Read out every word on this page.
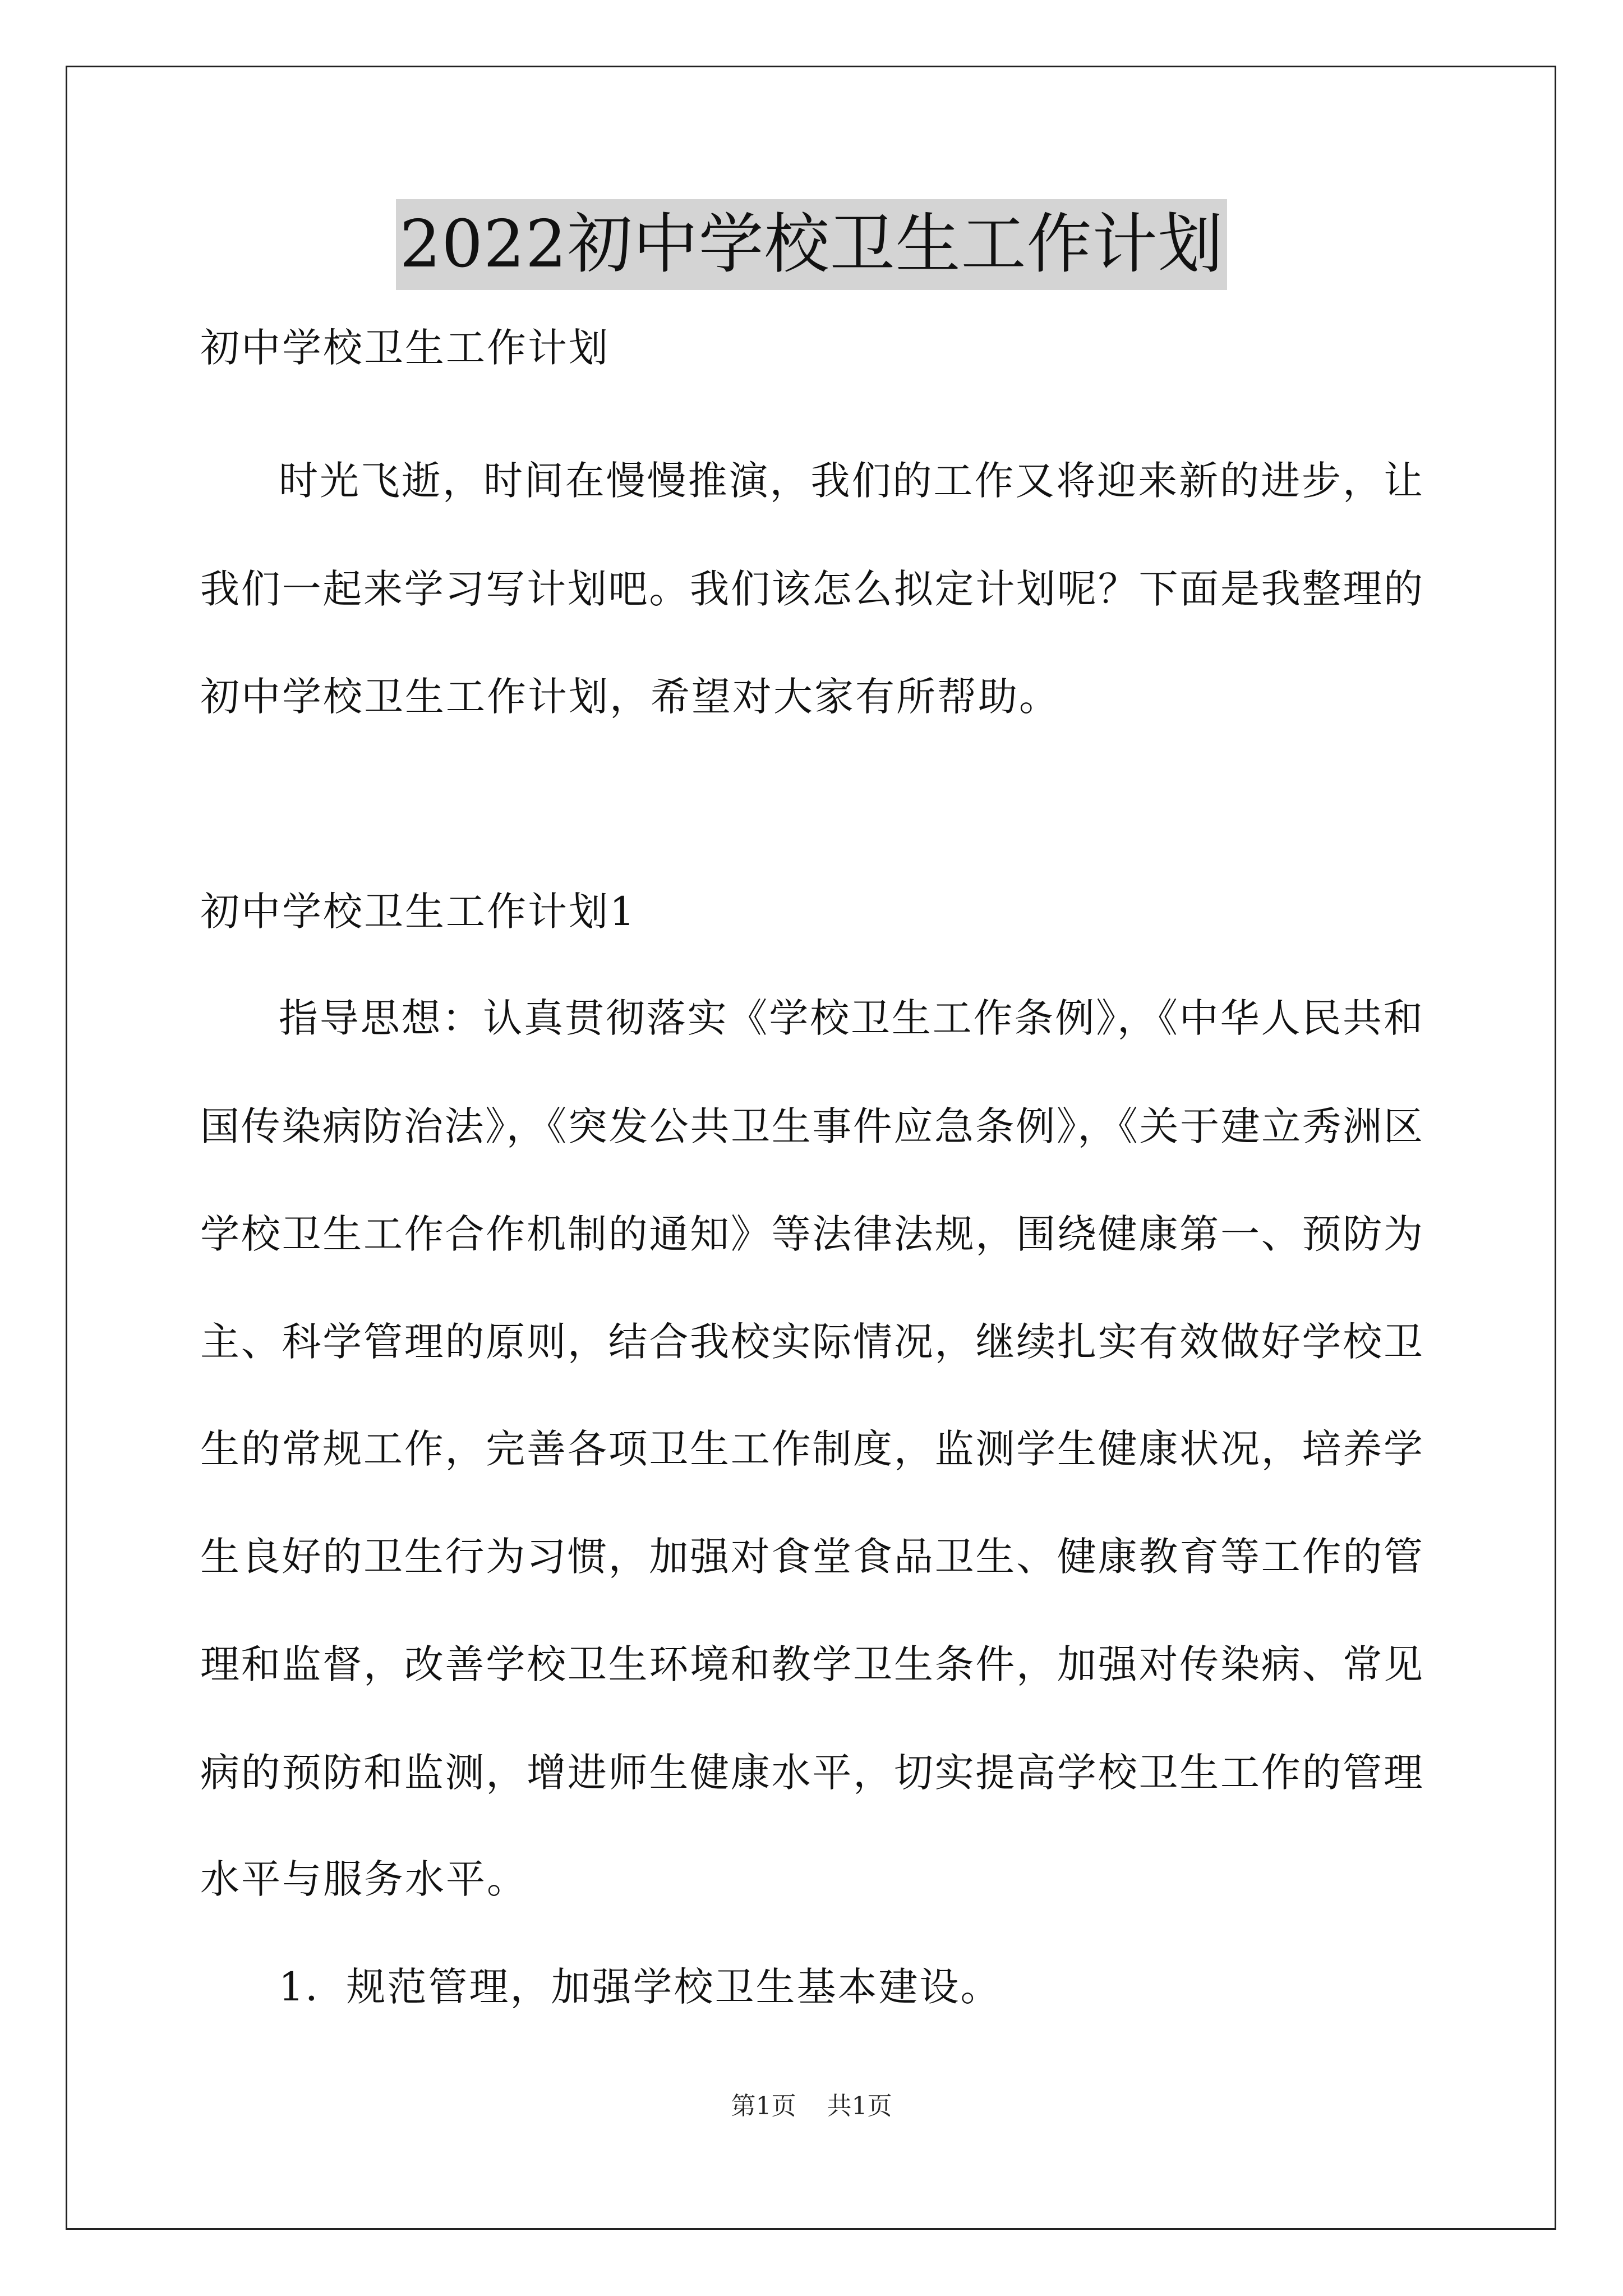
2022初中学校卫生工作计划
初中学校卫生工作计划
时光飞逝，时间在慢慢推演，我们的工作又将迎来新的进步，让
我们一起来学习写计划吧。我们该怎么拟定计划呢？下面是我整理的
初中学校卫生工作计划，希望对大家有所帮助。
初中学校卫生工作计划1
指导思想：认真贯彻落实《学校卫生工作条例》，《中华人民共和
国传染病防治法》，《突发公共卫生事件应急条例》，《关于建立秀洲区
学校卫生工作合作机制的通知》等法律法规，围绕健康第一、预防为
主、科学管理的原则，结合我校实际情况，继续扎实有效做好学校卫
生的常规工作，完善各项卫生工作制度，监测学生健康状况，培养学
生良好的卫生行为习惯，加强对食堂食品卫生、健康教育等工作的管
理和监督，改善学校卫生环境和教学卫生条件，加强对传染病、常见
病的预防和监测，增进师生健康水平，切实提高学校卫生工作的管理
水平与服务水平。
1．规范管理，加强学校卫生基本建设。
第1页 共1页
